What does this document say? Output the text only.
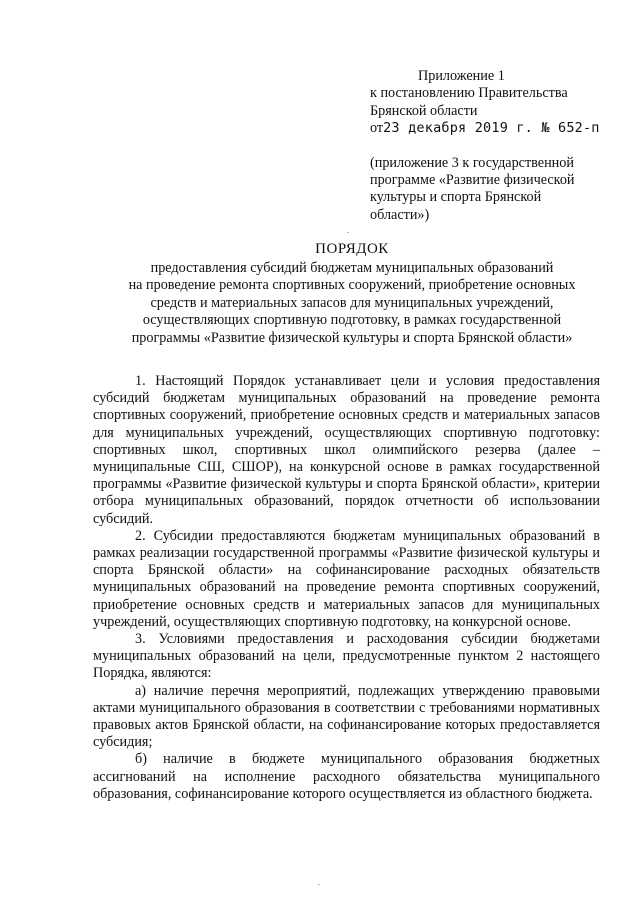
Приложение 1
к постановлению Правительства
Брянской области
от23 декабря 2019 г. № 652-п
(приложение 3 к государственной
программе «Развитие физической
культуры и спорта Брянской
области»)
ПОРЯДОК
предоставления субсидий бюджетам муниципальных образований
на проведение ремонта спортивных сооружений, приобретение основных
средств и материальных запасов для муниципальных учреждений,
осуществляющих спортивную подготовку, в рамках государственной
программы «Развитие физической культуры и спорта Брянской области»

1. Настоящий Порядок устанавливает цели и условия предоставления субсидий бюджетам муниципальных образований на проведение ремонта спортивных сооружений, приобретение основных средств и материальных запасов для муниципальных учреждений, осуществляющих спортивную подготовку: спортивных школ, спортивных школ олимпийского резерва (далее – муниципальные СШ, СШОР), на конкурсной основе в рамках государственной программы «Развитие физической культуры и спорта Брянской области», критерии отбора муниципальных образований, порядок отчетности об использовании субсидий.

2. Субсидии предоставляются бюджетам муниципальных образований в рамках реализации государственной программы «Развитие физической культуры и спорта Брянской области» на софинансирование расходных обязательств муниципальных образований на проведение ремонта спортивных сооружений, приобретение основных средств и материальных запасов для муниципальных учреждений, осуществляющих спортивную подготовку, на конкурсной основе.

3. Условиями предоставления и расходования субсидии бюджетами муниципальных образований на цели, предусмотренные пунктом 2 настоящего Порядка, являются:

а) наличие перечня мероприятий, подлежащих утверждению правовыми актами муниципального образования в соответствии с требованиями нормативных правовых актов Брянской области, на софинансирование которых предоставляется субсидия;

б) наличие в бюджете муниципального образования бюджетных ассигнований на исполнение расходного обязательства муниципального образования, софинансирование которого осуществляется из областного бюджета.
